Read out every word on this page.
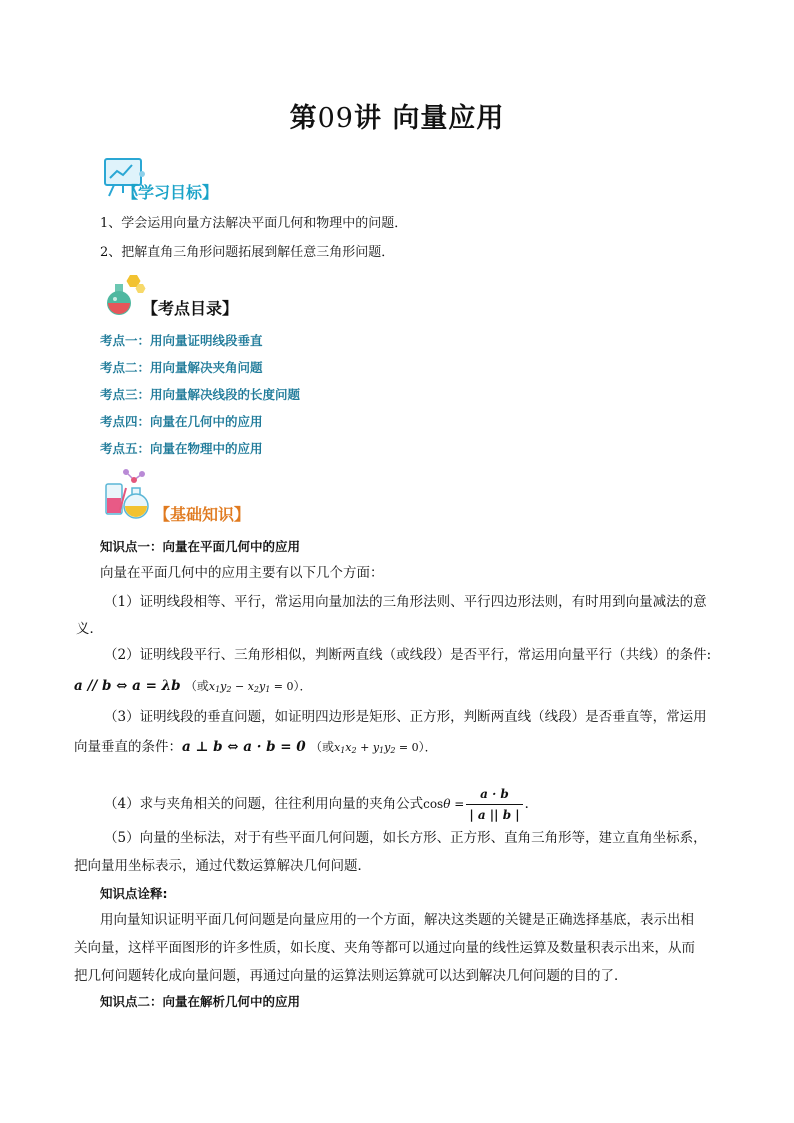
第09讲 向量应用
【学习目标】
1、学会运用向量方法解决平面几何和物理中的问题．
2、把解直角三角形问题拓展到解任意三角形问题．
【考点目录】
考点一：用向量证明线段垂直
考点二：用向量解决夹角问题
考点三：用向量解决线段的长度问题
考点四：向量在几何中的应用
考点五：向量在物理中的应用
【基础知识】
知识点一：向量在平面几何中的应用
向量在平面几何中的应用主要有以下几个方面：
（1）证明线段相等、平行，常运用向量加法的三角形法则、平行四边形法则，有时用到向量减法的意
义．
（2）证明线段平行、三角形相似，判断两直线（或线段）是否平行，常运用向量平行（共线）的条件:
a // b ⇔ a = λb （或$x_1y_2 - x_2y_1 = 0$）．
（3）证明线段的垂直问题，如证明四边形是矩形、正方形，判断两直线（线段）是否垂直等，常运用
向量垂直的条件：a ⊥ b ⇔ a · b = 0 （或$x_1x_2 + y_1y_2 = 0$）．
（4）求与夹角相关的问题，往往利用向量的夹角公式$\cos\theta = \frac{a \cdot b}{| a || b |}$ ．
（5）向量的坐标法，对于有些平面几何问题，如长方形、正方形、直角三角形等，建立直角坐标系，
把向量用坐标表示，通过代数运算解决几何问题．
知识点诠释:
用向量知识证明平面几何问题是向量应用的一个方面，解决这类题的关键是正确选择基底，表示出相
关向量，这样平面图形的许多性质，如长度、夹角等都可以通过向量的线性运算及数量积表示出来，从而
把几何问题转化成向量问题，再通过向量的运算法则运算就可以达到解决几何问题的目的了．
知识点二：向量在解析几何中的应用
